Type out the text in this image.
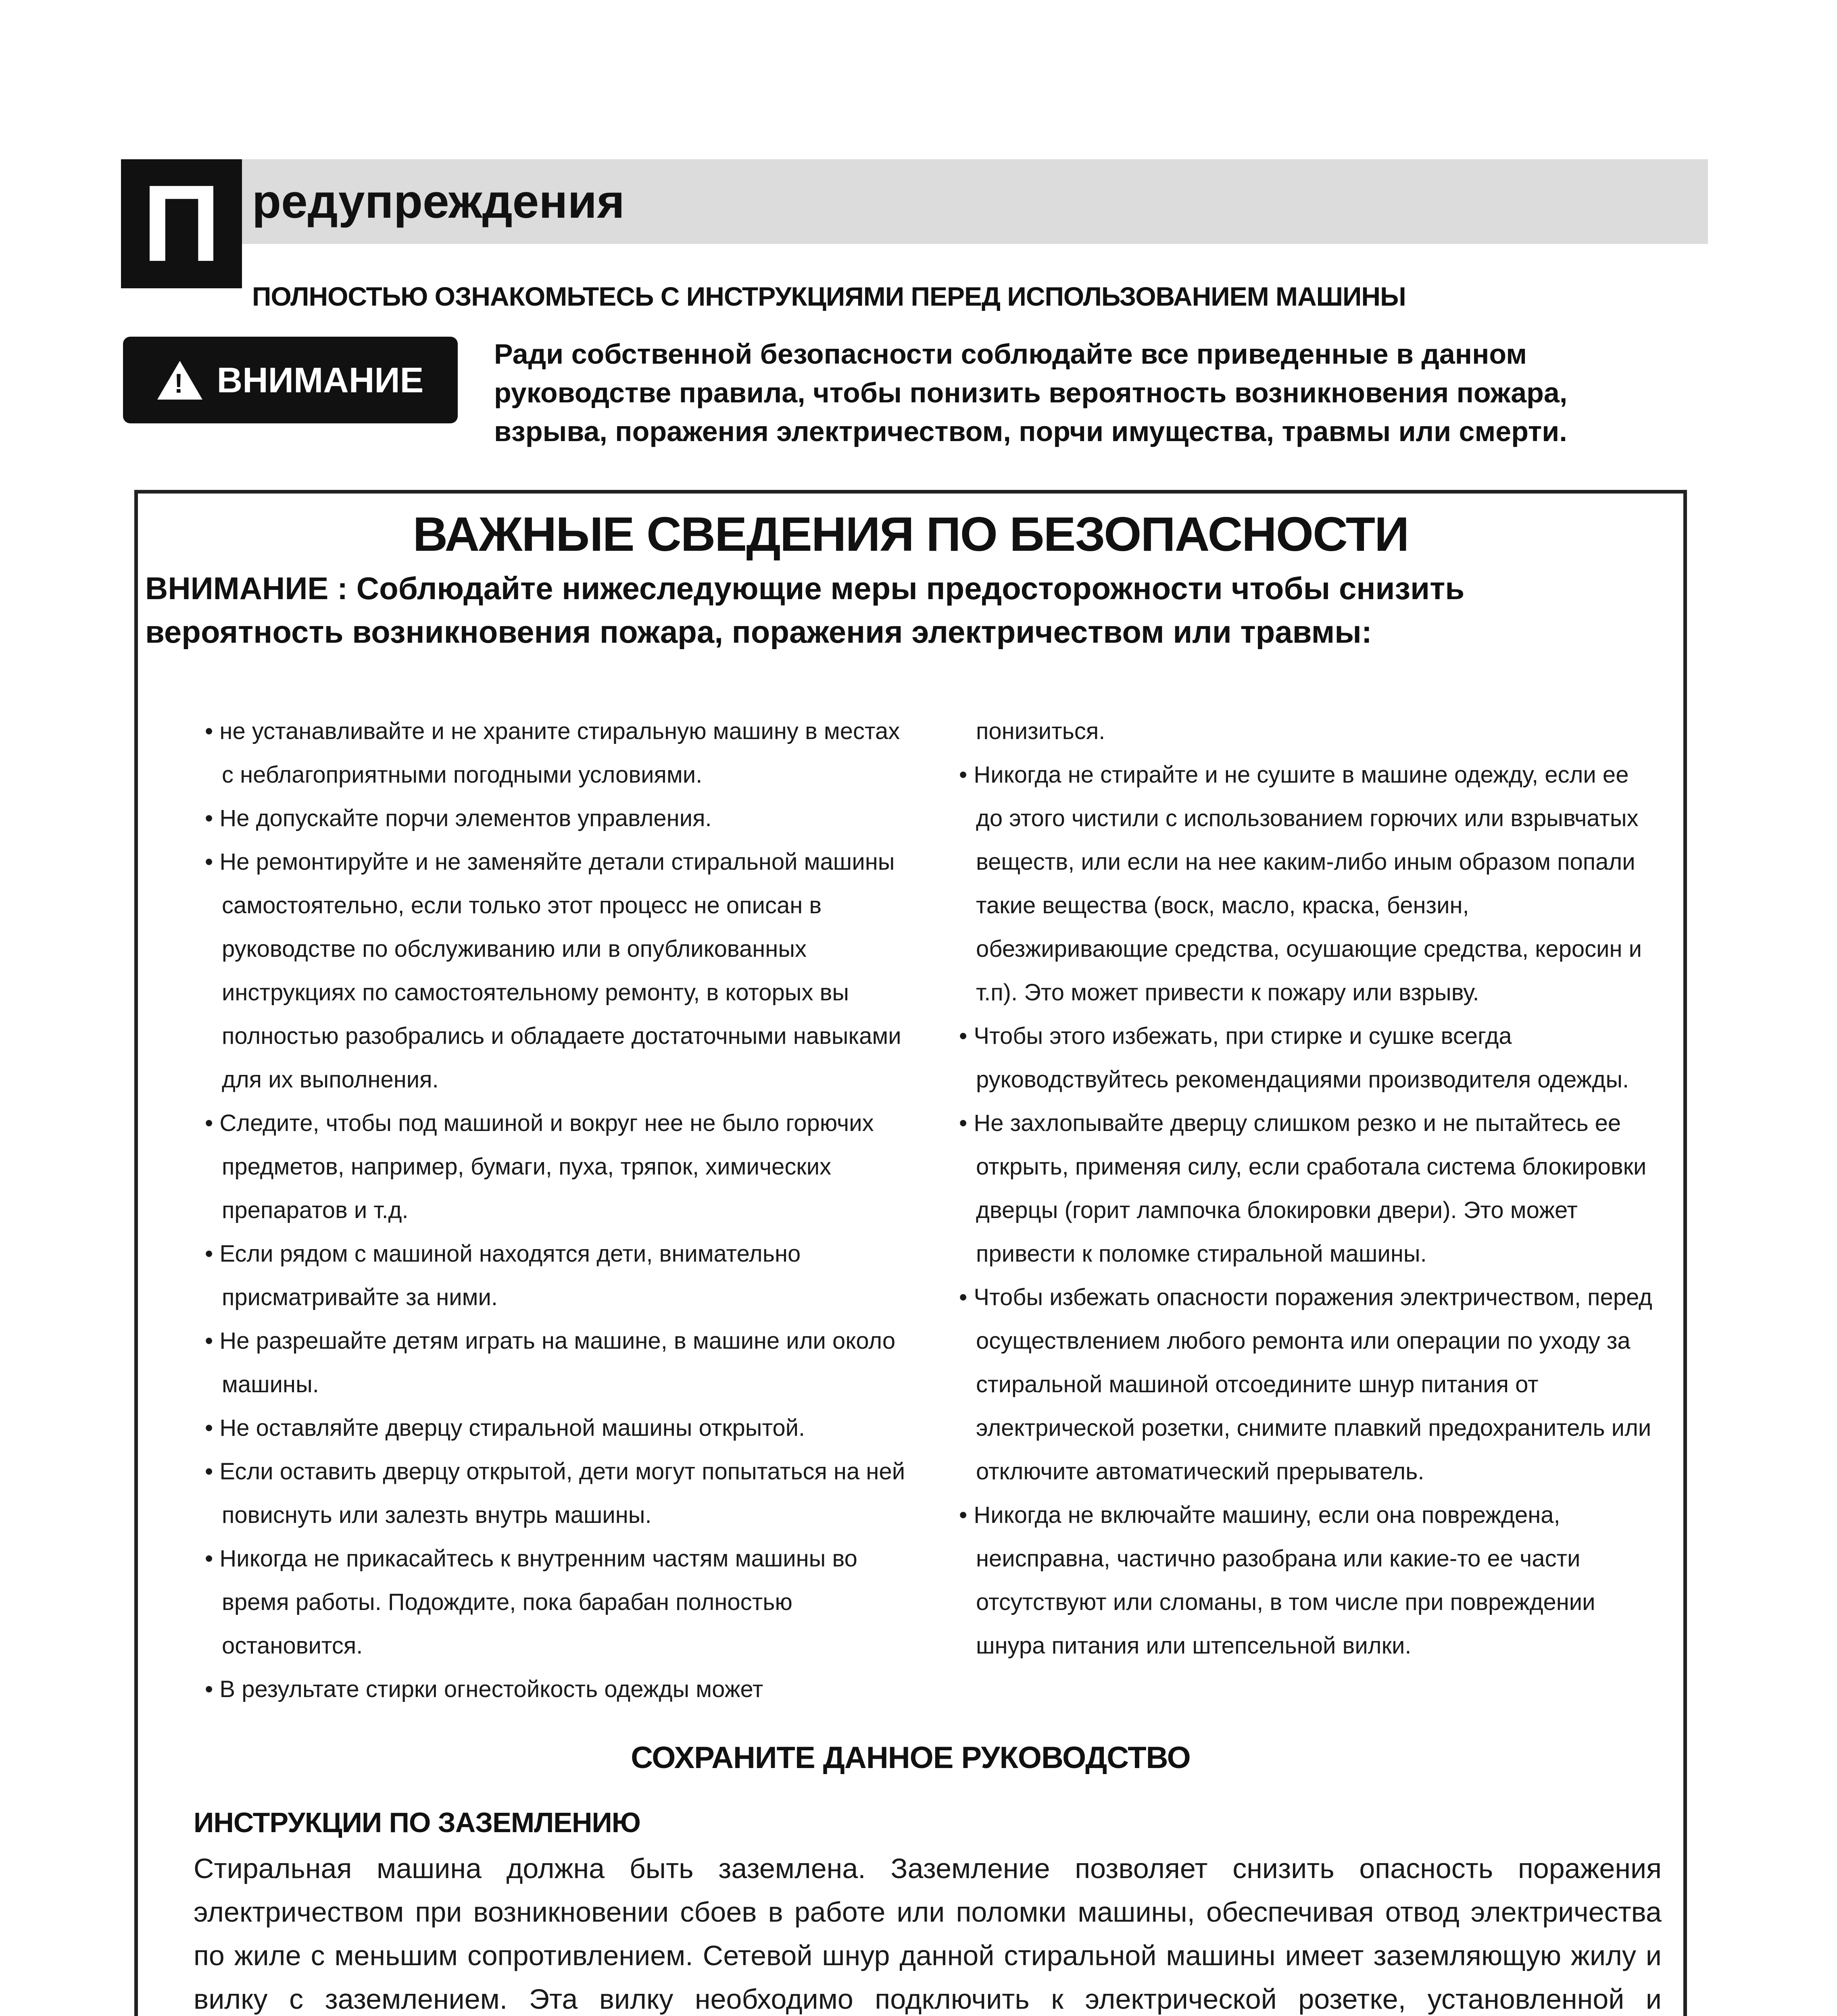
П редупреждения
ПОЛНОСТЬЮ ОЗНАКОМЬТЕСЬ С ИНСТРУКЦИЯМИ ПЕРЕД ИСПОЛЬЗОВАНИЕМ МАШИНЫ
!
ВНИМАНИЕ
Ради собственной безопасности соблюдайте все приведенные в данном руководстве правила, чтобы понизить вероятность возникновения пожара, взрыва, поражения электричеством, порчи имущества, травмы или смерти.
ВАЖНЫЕ СВЕДЕНИЯ ПО БЕЗОПАСНОСТИ
ВНИМАНИЕ : Соблюдайте нижеследующие меры предосторожности чтобы снизить вероятность возникновения пожара, поражения электричеством или травмы:

• не устанавливайте и не храните стиральную машину в местах с неблагоприятными погодными условиями.

• Не допускайте порчи элементов управления.

• Не ремонтируйте и не заменяйте детали стиральной машины самостоятельно, если только этот процесс не описан в руководстве по обслуживанию или в опубликованных инструкциях по самостоятельному ремонту, в которых вы полностью разобрались и обладаете достаточными навыками для их выполнения.

• Следите, чтобы под машиной и вокруг нее не было горючих предметов, например, бумаги, пуха, тряпок, химических препаратов и т.д.

• Если рядом с машиной находятся дети, внимательно присматривайте за ними.

• Не разрешайте детям играть на машине, в машине или около машины.

• Не оставляйте дверцу стиральной машины открытой.

• Если оставить дверцу открытой, дети могут попытаться на ней повиснуть или залезть внутрь машины.

• Никогда не прикасайтесь к внутренним частям машины во время работы. Подождите, пока барабан полностью остановится.

• В результате стирки огнестойкость одежды может

понизиться.

• Никогда не стирайте и не сушите в машине одежду, если ее до этого чистили с использованием горючих или взрывчатых веществ, или если на нее каким-либо иным образом попали такие вещества (воск, масло, краска, бензин, обезжиривающие средства, осушающие средства, керосин и т.п). Это может привести к пожару или взрыву.

• Чтобы этого избежать, при стирке и сушке всегда руководствуйтесь рекомендациями производителя одежды.

• Не захлопывайте дверцу слишком резко и не пытайтесь ее открыть, применяя силу, если сработала система блокировки дверцы (горит лампочка блокировки двери). Это может привести к поломке стиральной машины.

• Чтобы избежать опасности поражения электричеством, перед осуществлением любого ремонта или операции по уходу за стиральной машиной отсоедините шнур питания от электрической розетки, снимите плавкий предохранитель или отключите автоматический прерыватель.

• Никогда не включайте машину, если она повреждена, неисправна, частично разобрана или какие-то ее части отсутствуют или сломаны, в том числе при повреждении шнура питания или штепсельной вилки.

СОХРАНИТЕ ДАННОЕ РУКОВОДСТВО
ИНСТРУКЦИИ ПО ЗАЗЕМЛЕНИЮ
Стиральная машина должна быть заземлена. Заземление позволяет снизить опасность поражения электричеством при возникновении сбоев в работе или поломки машины, обеспечивая отвод электричества по жиле с меньшим сопротивлением. Сетевой шнур данной стиральной машины имеет заземляющую жилу и вилку с заземлением. Эта вилку необходимо подключить к электрической розетке, установленной и
